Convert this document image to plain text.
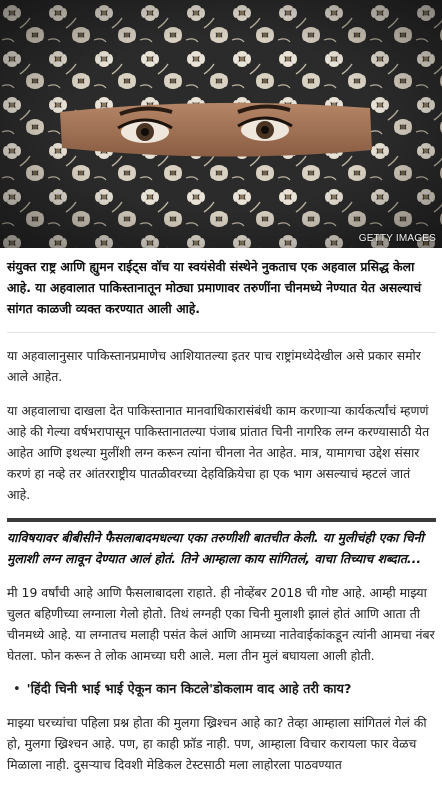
GETTY IMAGES

संयुक्त राष्ट्र आणि ह्युमन राईट्स वॉच या स्वयंसेवी संस्थेने नुकताच एक अहवाल प्रसिद्ध केला आहे. या अहवालात पाकिस्तानातून मोठ्या प्रमाणावर तरुणींना चीनमध्ये नेण्यात येत असल्याचं सांगत काळजी व्यक्त करण्यात आली आहे.

या अहवालानुसार पाकिस्तानप्रमाणेच आशियातल्या इतर पाच राष्ट्रांमध्येदेखील असे प्रकार समोर आले आहेत.

या अहवालाचा दाखला देत पाकिस्तानात मानवाधिकारासंबंधी काम करणाऱ्या कार्यकर्त्यांचं म्हणणं आहे की गेल्या वर्षभरापासून पाकिस्तानातल्या पंजाब प्रांतात चिनी नागरिक लग्न करण्यासाठी येत आहेत आणि इथल्या मुलींशी लग्न करून त्यांना चीनला नेत आहेत. मात्र, यामागचा उद्देश संसार करणं हा नव्हे तर आंतरराष्ट्रीय पातळीवरच्या देहविक्रियेचा हा एक भाग असल्याचं म्हटलं जातं आहे.

याविषयावर बीबीसीने फैसलाबादमधल्या एका तरुणीशी बातचीत केली. या मुलीचंही एका चिनी मुलाशी लग्न लावून देण्यात आलं होतं. तिने आम्हाला काय सांगितलं, वाचा तिच्याच शब्दात...

मी 19 वर्षांची आहे आणि फैसलाबादला राहाते. ही नोव्हेंबर 2018 ची गोष्ट आहे. आम्ही माझ्या चुलत बहिणीच्या लग्नाला गेलो होतो. तिथं लग्नही एका चिनी मुलाशी झालं होतं आणि आता ती चीनमध्ये आहे. या लग्नातच मलाही पसंत केलं आणि आमच्या नातेवाईकांकडून त्यांनी आमचा नंबर घेतला. फोन करून ते लोक आमच्या घरी आले. मला तीन मुलं बघायला आली होती.

• 'हिंदी चिनी भाई भाई ऐकून कान किटले'डोकलाम वाद आहे तरी काय?

माझ्या घरच्यांचा पहिला प्रश्न होता की मुलगा ख्रिश्चन आहे का? तेव्हा आम्हाला सांगितलं गेलं की हो, मुलगा ख्रिश्चन आहे. पण, हा काही फ्रॉड नाही. पण, आम्हाला विचार करायला फार वेळच मिळाला नाही. दुसऱ्याच दिवशी मेडिकल टेस्टसाठी मला लाहोरला पाठवण्यात
